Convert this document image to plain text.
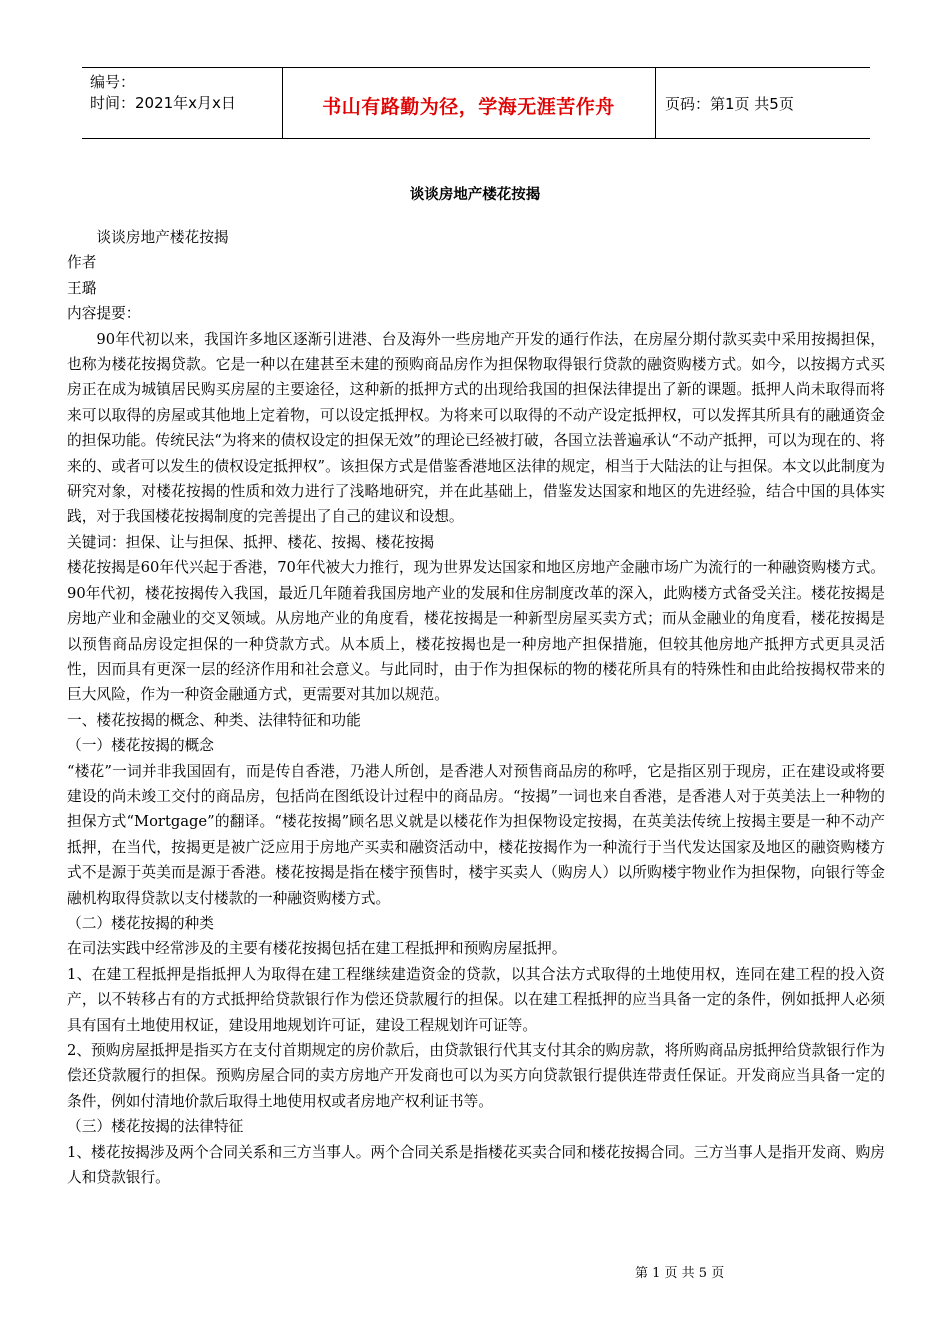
编号：
时间：2021年x月x日	书山有路勤为径，学海无涯苦作舟	页码：第1页 共5页
谈谈房地产楼花按揭

谈谈房地产楼花按揭

作者

王璐

内容提要：

90年代初以来，我国许多地区逐渐引进港、台及海外一些房地产开发的通行作法，在房屋分期付款买卖中采用按揭担保，也称为楼花按揭贷款。它是一种以在建甚至未建的预购商品房作为担保物取得银行贷款的融资购楼方式。如今，以按揭方式买房正在成为城镇居民购买房屋的主要途径，这种新的抵押方式的出现给我国的担保法律提出了新的课题。抵押人尚未取得而将来可以取得的房屋或其他地上定着物，可以设定抵押权。为将来可以取得的不动产设定抵押权，可以发挥其所具有的融通资金的担保功能。传统民法“为将来的债权设定的担保无效”的理论已经被打破，各国立法普遍承认“不动产抵押，可以为现在的、将来的、或者可以发生的债权设定抵押权”。该担保方式是借鉴香港地区法律的规定，相当于大陆法的让与担保。本文以此制度为研究对象，对楼花按揭的性质和效力进行了浅略地研究，并在此基础上，借鉴发达国家和地区的先进经验，结合中国的具体实践，对于我国楼花按揭制度的完善提出了自己的建议和设想。

关键词：担保、让与担保、抵押、楼花、按揭、楼花按揭

楼花按揭是60年代兴起于香港，70年代被大力推行，现为世界发达国家和地区房地产金融市场广为流行的一种融资购楼方式。90年代初，楼花按揭传入我国，最近几年随着我国房地产业的发展和住房制度改革的深入，此购楼方式备受关注。楼花按揭是房地产业和金融业的交叉领域。从房地产业的角度看，楼花按揭是一种新型房屋买卖方式；而从金融业的角度看，楼花按揭是以预售商品房设定担保的一种贷款方式。从本质上，楼花按揭也是一种房地产担保措施，但较其他房地产抵押方式更具灵活性，因而具有更深一层的经济作用和社会意义。与此同时，由于作为担保标的物的楼花所具有的特殊性和由此给按揭权带来的巨大风险，作为一种资金融通方式，更需要对其加以规范。

一、楼花按揭的概念、种类、法律特征和功能

（一）楼花按揭的概念

“楼花”一词并非我国固有，而是传自香港，乃港人所创，是香港人对预售商品房的称呼，它是指区别于现房，正在建设或将要建设的尚未竣工交付的商品房，包括尚在图纸设计过程中的商品房。“按揭”一词也来自香港，是香港人对于英美法上一种物的担保方式“Mortgage”的翻译。“楼花按揭”顾名思义就是以楼花作为担保物设定按揭，在英美法传统上按揭主要是一种不动产抵押，在当代，按揭更是被广泛应用于房地产买卖和融资活动中，楼花按揭作为一种流行于当代发达国家及地区的融资购楼方式不是源于英美而是源于香港。楼花按揭是指在楼宇预售时，楼宇买卖人（购房人）以所购楼宇物业作为担保物，向银行等金融机构取得贷款以支付楼款的一种融资购楼方式。

（二）楼花按揭的种类

在司法实践中经常涉及的主要有楼花按揭包括在建工程抵押和预购房屋抵押。

1、在建工程抵押是指抵押人为取得在建工程继续建造资金的贷款，以其合法方式取得的土地使用权，连同在建工程的投入资产，以不转移占有的方式抵押给贷款银行作为偿还贷款履行的担保。以在建工程抵押的应当具备一定的条件，例如抵押人必须具有国有土地使用权证，建设用地规划许可证，建设工程规划许可证等。

2、预购房屋抵押是指买方在支付首期规定的房价款后，由贷款银行代其支付其余的购房款，将所购商品房抵押给贷款银行作为偿还贷款履行的担保。预购房屋合同的卖方房地产开发商也可以为买方向贷款银行提供连带责任保证。开发商应当具备一定的条件，例如付清地价款后取得土地使用权或者房地产权利证书等。

（三）楼花按揭的法律特征

1、楼花按揭涉及两个合同关系和三方当事人。两个合同关系是指楼花买卖合同和楼花按揭合同。三方当事人是指开发商、购房人和贷款银行。

第 1 页 共 5 页
